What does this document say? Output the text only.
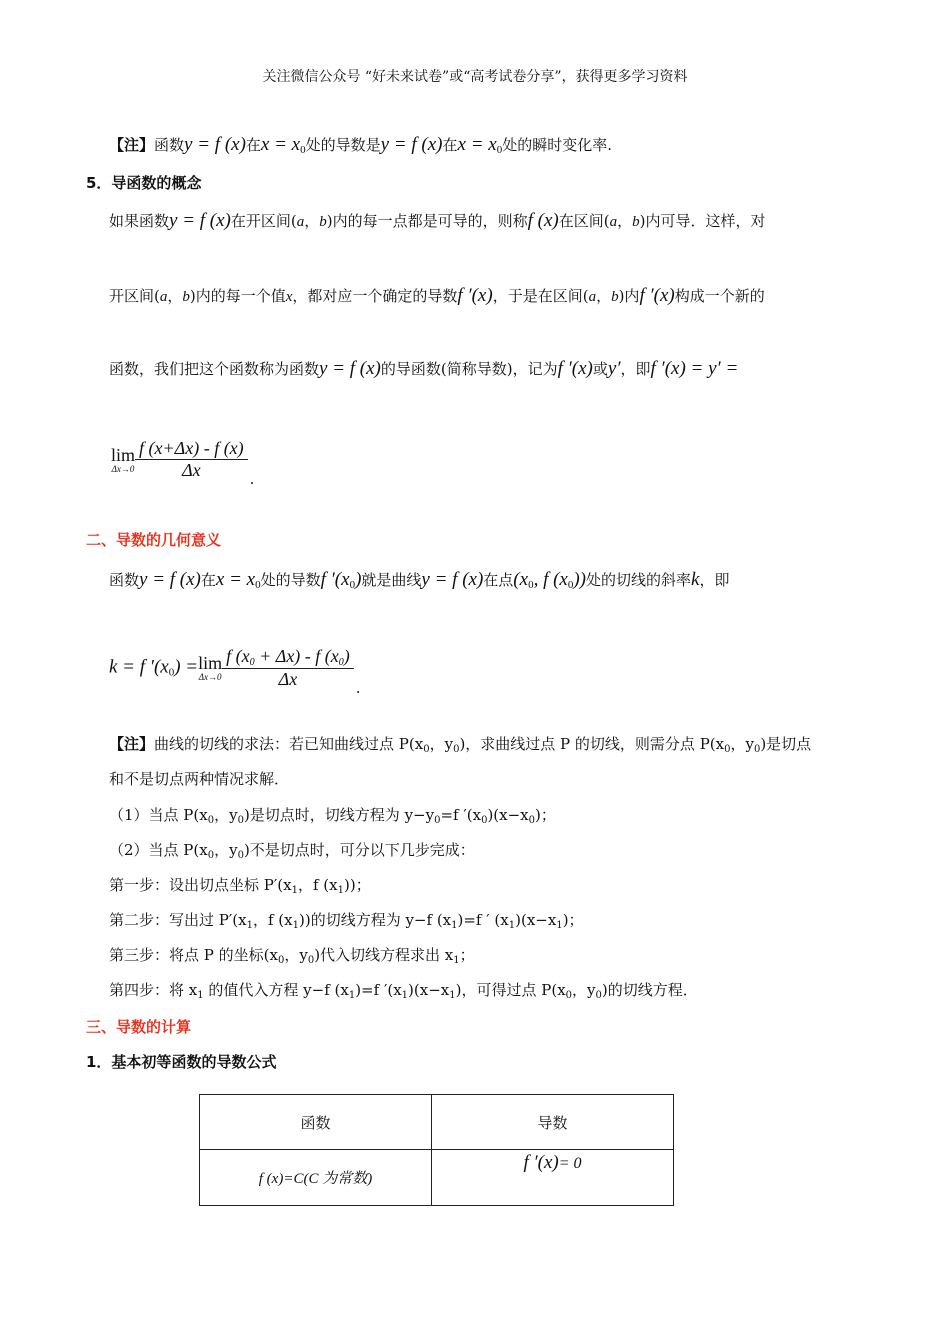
关注微信公众号 “好未来试卷”或“高考试卷分享”，获得更多学习资料
【注】函数y = f (x)在$x = x_0$处的导数是y = f (x)在$x = x_0$处的瞬时变化率.
5．导函数的概念
如果函数y = f (x)在开区间(a，b)内的每一点都是可导的，则称f (x)在区间(a，b)内可导．这样，对
开区间(a，b)内的每一个值x，都对应一个确定的导数f ′(x)，于是在区间(a，b)内f ′(x)构成一个新的
函数，我们把这个函数称为函数y = f (x)的导函数(简称导数)，记为f ′(x)或y′，即f ′(x) = y′ =
lim
$\Delta x\to 0 \frac{f (x+\Delta x) - f (x)}{\Delta x}$ .
二、导数的几何意义
函数y = f (x)在$x = x_0$处的导数f $'(x_0)$就是曲线y = f (x)在点($x_0$, f $(x_0)$)处的切线的斜率k，即
k = f $'(x_0) = \lim$
$\Delta x\to 0 \frac{f (x0 + \Delta x) - f (x0)}{\Delta x}$ .
【注】曲线的切线的求法：若已知曲线过点 $P(x_0$，$y_0$)，求曲线过点 P 的切线，则需分点 $P(x_0$，$y_0$)是切点
和不是切点两种情况求解．
（1）当点 $P(x_0$，$y_0$)是切点时，切线方程为 $y-y_0=f$ $'(x_0)(x-x_0)$；
（2）当点 $P(x_0$，$y_0$)不是切点时，可分以下几步完成：
第一步：设出切点坐标 $P'(x_1$，f $(x_1)$)；
第二步：写出过 $P'(x_1$，f $(x_1)$)的切线方程为 y−f $(x_1)=f$ ′ $(x_1)(x-x_1)$；
第三步：将点 P 的坐标($x_0$，$y_0$)代入切线方程求出 $x_1$；
第四步：将 $x_1$ 的值代入方程 y−f $(x_1)=f$ $'(x_1)(x-x_1)$，可得过点 $P(x_0$，$y_0$)的切线方程．
三、导数的计算
1．基本初等函数的导数公式
函数	导数
f (x)=C(C 为常数)	f ′(x)= 0
